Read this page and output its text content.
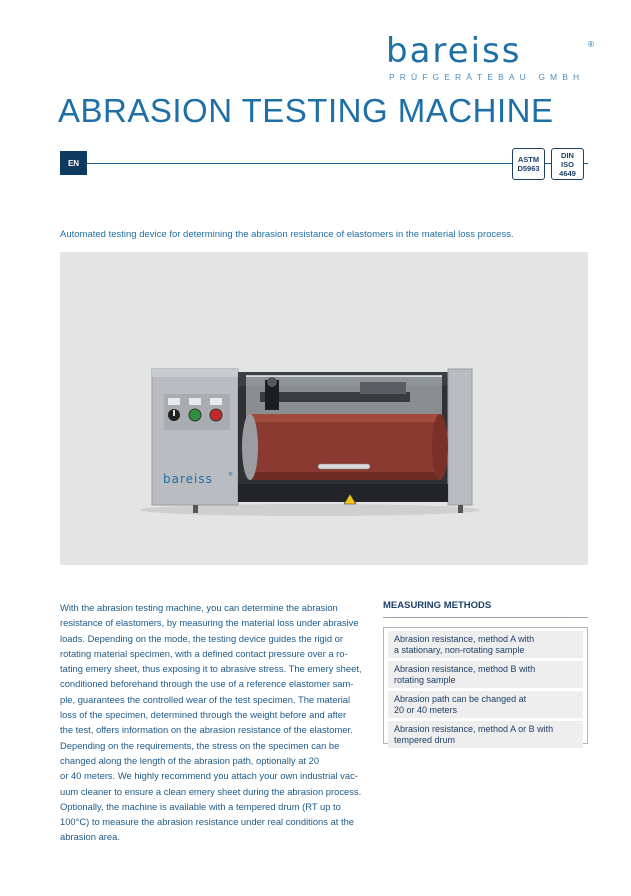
bareiss	®
PRÜFGERÄTEBAU GMBH
ABRASION TESTING MACHINE
EN	ASTM
D5963
DIN
ISO
4649

Automated testing device for determining the abrasion resistance of elastomers in the material loss process.

bareiss	®

With the abrasion testing machine, you can determine the abrasion
resistance of elastomers, by measuring the material loss under abrasive
loads. Depending on the mode, the testing device guides the rigid or
rotating material specimen, with a defined contact pressure over a ro-
tating emery sheet, thus exposing it to abrasive stress. The emery sheet,
conditioned beforehand through the use of a reference elastomer sam-
ple, guarantees the controlled wear of the test specimen. The material
loss of the specimen, determined through the weight before and after
the test, offers information on the abrasion resistance of the elastomer.
Depending on the requirements, the stress on the specimen can be
changed along the length of the abrasion path, optionally at 20
or 40 meters. We highly recommend you attach your own industrial vac-
uum cleaner to ensure a clean emery sheet during the abrasion process.
Optionally, the machine is available with a tempered drum (RT up to
100°C) to measure the abrasion resistance under real conditions at the
abrasion area.

MEASURING METHODS
Abrasion resistance, method A with
a stationary, non-rotating sample
Abrasion resistance, method B with
rotating sample
Abrasion path can be changed at
20 or 40 meters
Abrasion resistance, method A or B with
tempered drum
